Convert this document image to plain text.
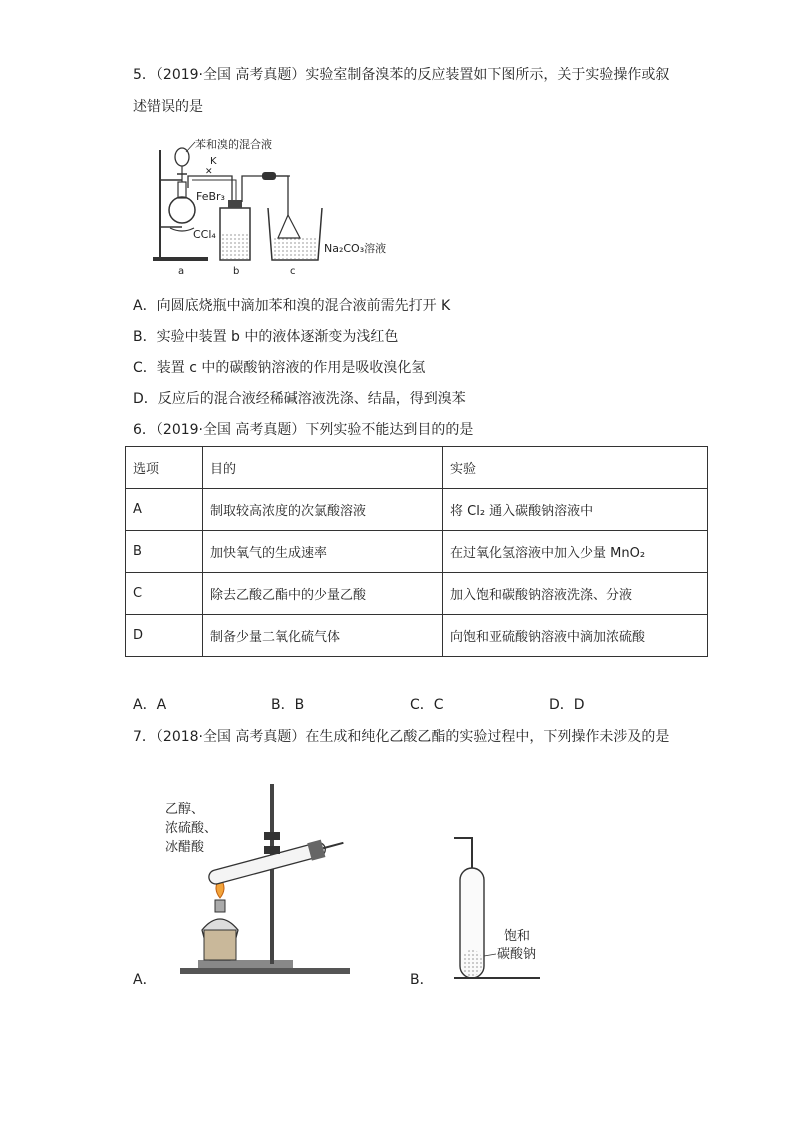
5．（2019·全国 高考真题）实验室制备溴苯的反应装置如下图所示，关于实验操作或叙
述错误的是
✕
苯和溴的混合液
K
FeBr₃
CCl₄
Na₂CO₃溶液
a	b	c
A．向圆底烧瓶中滴加苯和溴的混合液前需先打开 K
B．实验中装置 b 中的液体逐渐变为浅红色
C．装置 c 中的碳酸钠溶液的作用是吸收溴化氢
D．反应后的混合液经稀碱溶液洗涤、结晶，得到溴苯
6．（2019·全国 高考真题）下列实验不能达到目的的是
选项	目的	实验
A	制取较高浓度的次氯酸溶液	将 Cl₂ 通入碳酸钠溶液中
B	加快氧气的生成速率	在过氧化氢溶液中加入少量 MnO₂
C	除去乙酸乙酯中的少量乙酸	加入饱和碳酸钠溶液洗涤、分液
D	制备少量二氧化硫气体	向饱和亚硫酸钠溶液中滴加浓硫酸
A．A	B．B	C．C	D．D
7．（2018·全国 高考真题）在生成和纯化乙酸乙酯的实验过程中，下列操作未涉及的是
乙醇、
浓硫酸、
冰醋酸
A．
饱和
碳酸钠
B．
